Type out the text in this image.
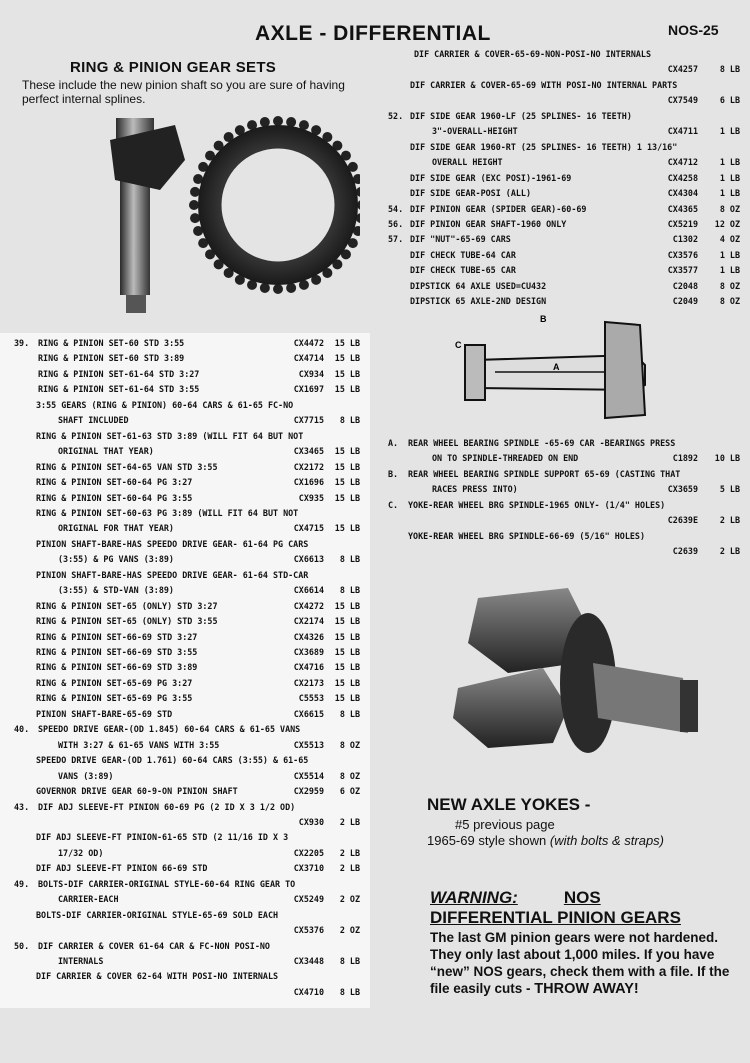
AXLE - DIFFERENTIAL	NOS-25
RING & PINION GEAR SETS
These include the new pinion shaft so you are sure of having perfect internal splines.
39. RING & PINION SET-60 STD 3:55	CX4472 15 LB
RING & PINION SET-60 STD 3:89	CX4714 15 LB
RING & PINION SET-61-64 STD 3:27	CX934 15 LB
RING & PINION SET-61-64 STD 3:55	CX1697 15 LB
3:55 GEARS (RING & PINION) 60-64 CARS & 61-65 FC-NO
SHAFT INCLUDED	CX7715 8 LB
RING & PINION SET-61-63 STD 3:89 (WILL FIT 64 BUT NOT
ORIGINAL THAT YEAR)	CX3465 15 LB
RING & PINION SET-64-65 VAN STD 3:55	CX2172 15 LB
RING & PINION SET-60-64 PG 3:27	CX1696 15 LB
RING & PINION SET-60-64 PG 3:55	CX935 15 LB
RING & PINION SET-60-63 PG 3:89 (WILL FIT 64 BUT NOT
ORIGINAL FOR THAT YEAR)	CX4715 15 LB
PINION SHAFT-BARE-HAS SPEEDO DRIVE GEAR- 61-64 PG CARS
(3:55) & PG VANS (3:89)	CX6613 8 LB
PINION SHAFT-BARE-HAS SPEEDO DRIVE GEAR- 61-64 STD-CAR
(3:55) & STD-VAN (3:89)	CX6614 8 LB
RING & PINION SET-65 (ONLY) STD 3:27	CX4272 15 LB
RING & PINION SET-65 (ONLY) STD 3:55	CX2174 15 LB
RING & PINION SET-66-69 STD 3:27	CX4326 15 LB
RING & PINION SET-66-69 STD 3:55	CX3689 15 LB
RING & PINION SET-66-69 STD 3:89	CX4716 15 LB
RING & PINION SET-65-69 PG 3:27	CX2173 15 LB
RING & PINION SET-65-69 PG 3:55	C5553 15 LB
PINION SHAFT-BARE-65-69 STD	CX6615 8 LB
40. SPEEDO DRIVE GEAR-(OD 1.845) 60-64 CARS & 61-65 VANS
WITH 3:27 & 61-65 VANS WITH 3:55	CX5513 8 OZ
SPEEDO DRIVE GEAR-(OD 1.761) 60-64 CARS (3:55) & 61-65
VANS (3:89)	CX5514 8 OZ
GOVERNOR DRIVE GEAR 60-9-ON PINION SHAFT	CX2959 6 OZ
43. DIF ADJ SLEEVE-FT PINION 60-69 PG (2 ID X 3 1/2 OD)
CX930 2 LB
DIF ADJ SLEEVE-FT PINION-61-65 STD (2 11/16 ID X 3
17/32 OD)	CX2205 2 LB
DIF ADJ SLEEVE-FT PINION 66-69 STD	CX3710 2 LB
49. BOLTS-DIF CARRIER-ORIGINAL STYLE-60-64 RING GEAR TO
CARRIER-EACH	CX5249 2 OZ
BOLTS-DIF CARRIER-ORIGINAL STYLE-65-69 SOLD EACH
CX5376 2 OZ
50. DIF CARRIER & COVER 61-64 CAR & FC-NON POSI-NO
INTERNALS	CX3448 8 LB
DIF CARRIER & COVER 62-64 WITH POSI-NO INTERNALS
CX4710 8 LB
DIF CARRIER & COVER-65-69-NON-POSI-NO INTERNALS
CX4257	8 LB
DIF CARRIER & COVER-65-69 WITH POSI-NO INTERNAL PARTS
CX7549	6 LB
52. DIF SIDE GEAR 1960-LF (25 SPLINES- 16 TEETH)
3"-OVERALL-HEIGHT	CX4711	1 LB
DIF SIDE GEAR 1960-RT (25 SPLINES- 16 TEETH) 1 13/16"
OVERALL HEIGHT	CX4712	1 LB
DIF SIDE GEAR (EXC POSI)-1961-69	CX4258	1 LB
DIF SIDE GEAR-POSI (ALL)	CX4304	1 LB
54. DIF PINION GEAR (SPIDER GEAR)-60-69	CX4365	8 OZ
56. DIF PINION GEAR SHAFT-1960 ONLY	CX5219 12 OZ
57. DIF "NUT"-65-69 CARS	C1302	4 OZ
DIF CHECK TUBE-64 CAR	CX3576	1 LB
DIF CHECK TUBE-65 CAR	CX3577	1 LB
DIPSTICK 64 AXLE USED=CU432	C2048	8 OZ
DIPSTICK 65 AXLE-2ND DESIGN	C2049	8 OZ
B
C
A
A. REAR WHEEL BEARING SPINDLE -65-69 CAR -BEARINGS PRESS
ON TO SPINDLE-THREADED ON END	C1892 10 LB
B. REAR WHEEL BEARING SPINDLE SUPPORT 65-69 (CASTING THAT
RACES PRESS INTO)	CX3659	5 LB
C. YOKE-REAR WHEEL BRG SPINDLE-1965 ONLY- (1/4" HOLES)
C2639E	2 LB
YOKE-REAR WHEEL BRG SPINDLE-66-69 (5/16" HOLES)
C2639	2 LB
NEW AXLE YOKES -
#5 previous page
1965-69 style shown (with bolts & straps)
WARNING:	NOS
DIFFERENTIAL PINION GEARS
The last GM pinion gears were not hardened. They only last about 1,000 miles. If you have “new” NOS gears, check them with a file. If the file easily cuts - THROW AWAY!
